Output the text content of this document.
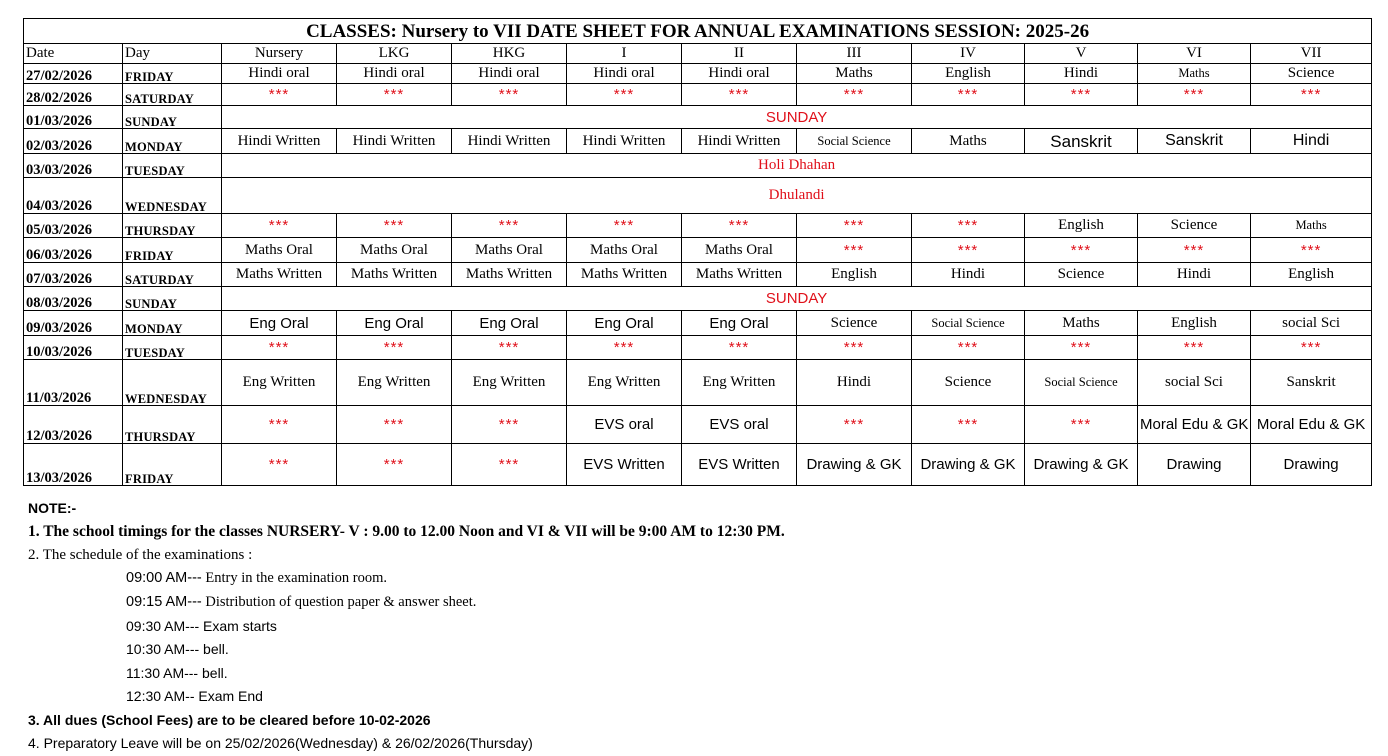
CLASSES: Nursery to VII DATE SHEET FOR ANNUAL EXAMINATIONS SESSION: 2025-26											
Date	Day	Nursery	LKG	HKG	I	II	III	IV	V	VI	VII
27/02/2026	FRIDAY	Hindi oral	Hindi oral	Hindi oral	Hindi oral	Hindi oral	Maths	English	Hindi	Maths	Science
28/02/2026	SATURDAY	***	***	***	***	***	***	***	***	***	***
01/03/2026	SUNDAY	SUNDAY									
02/03/2026	MONDAY	Hindi Written	Hindi Written	Hindi Written	Hindi Written	Hindi Written	Social Science	Maths	Sanskrit	Sanskrit	Hindi
03/03/2026	TUESDAY	Holi Dhahan									
04/03/2026	WEDNESDAY	Dhulandi									
05/03/2026	THURSDAY	***	***	***	***	***	***	***	English	Science	Maths
06/03/2026	FRIDAY	Maths Oral	Maths Oral	Maths Oral	Maths Oral	Maths Oral	***	***	***	***	***
07/03/2026	SATURDAY	Maths Written	Maths Written	Maths Written	Maths Written	Maths Written	English	Hindi	Science	Hindi	English
08/03/2026	SUNDAY	SUNDAY									
09/03/2026	MONDAY	Eng Oral	Eng Oral	Eng Oral	Eng Oral	Eng Oral	Science	Social Science	Maths	English	social Sci
10/03/2026	TUESDAY	***	***	***	***	***	***	***	***	***	***
11/03/2026	WEDNESDAY	Eng Written	Eng Written	Eng Written	Eng Written	Eng Written	Hindi	Science	Social Science	social Sci	Sanskrit
12/03/2026	THURSDAY	***	***	***	EVS oral	EVS oral	***	***	***	Moral Edu & GK	Moral Edu & GK
13/03/2026	FRIDAY	***	***	***	EVS Written	EVS Written	Drawing & GK	Drawing & GK	Drawing & GK	Drawing	Drawing
NOTE:-
1. The school timings for the classes NURSERY- V : 9.00 to 12.00 Noon and VI & VII will be 9:00 AM to 12:30 PM.
2. The schedule of the examinations :
09:00 AM--- Entry in the examination room.
09:15 AM--- Distribution of question paper & answer sheet.
09:30 AM--- Exam starts
10:30 AM--- bell.
11:30 AM--- bell.
12:30 AM-- Exam End
3. All dues (School Fees) are to be cleared before 10-02-2026
4. Preparatory Leave will be on 25/02/2026(Wednesday) & 26/02/2026(Thursday)
